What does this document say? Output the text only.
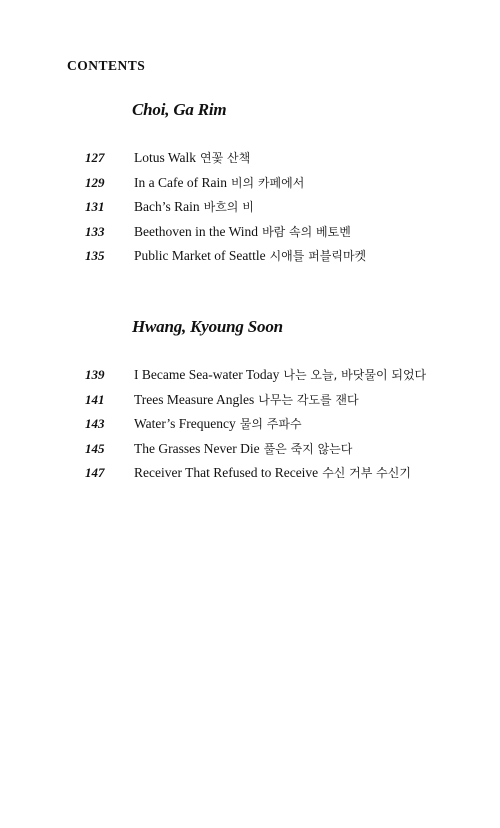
CONTENTS
Choi, Ga Rim
127 Lotus Walk 연꽃 산책
129 In a Cafe of Rain 비의 카페에서
131 Bach’s Rain 바흐의 비
133 Beethoven in the Wind 바람 속의 베토벤
135 Public Market of Seattle 시애틀 퍼블릭마켓
Hwang, Kyoung Soon
139 I Became Sea-water Today 나는 오늘, 바닷물이 되었다
141 Trees Measure Angles 나무는 각도를 잰다
143 Water’s Frequency 물의 주파수
145 The Grasses Never Die 풀은 죽지 않는다
147 Receiver That Refused to Receive 수신 거부 수신기
